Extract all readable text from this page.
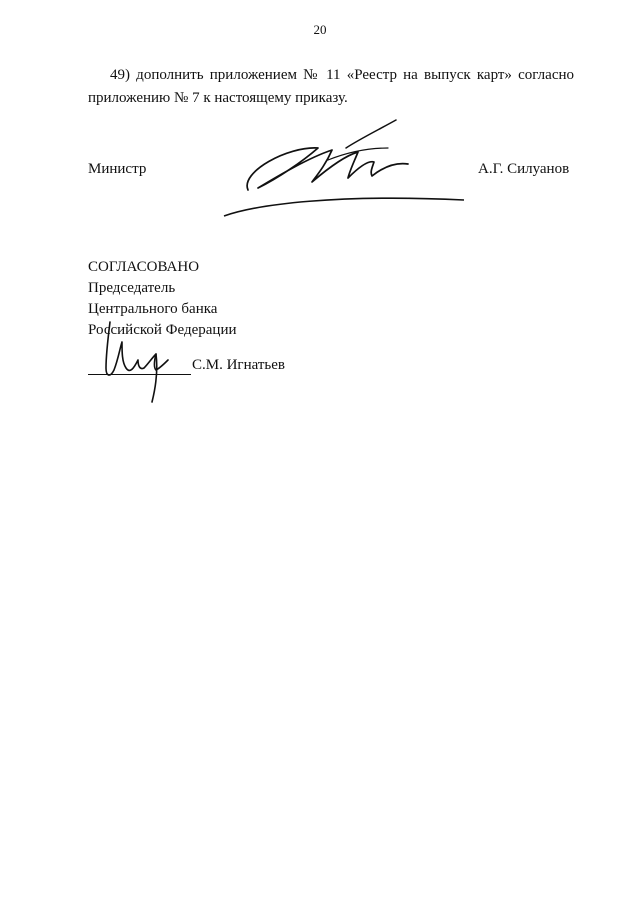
20
49) дополнить приложением № 11 «Реестр на выпуск карт» согласно приложению № 7 к настоящему приказу.
Министр	А.Г. Силуанов
СОГЛАСОВАНО
Председатель
Центрального банка
Российской Федерации
С.М. Игнатьев
